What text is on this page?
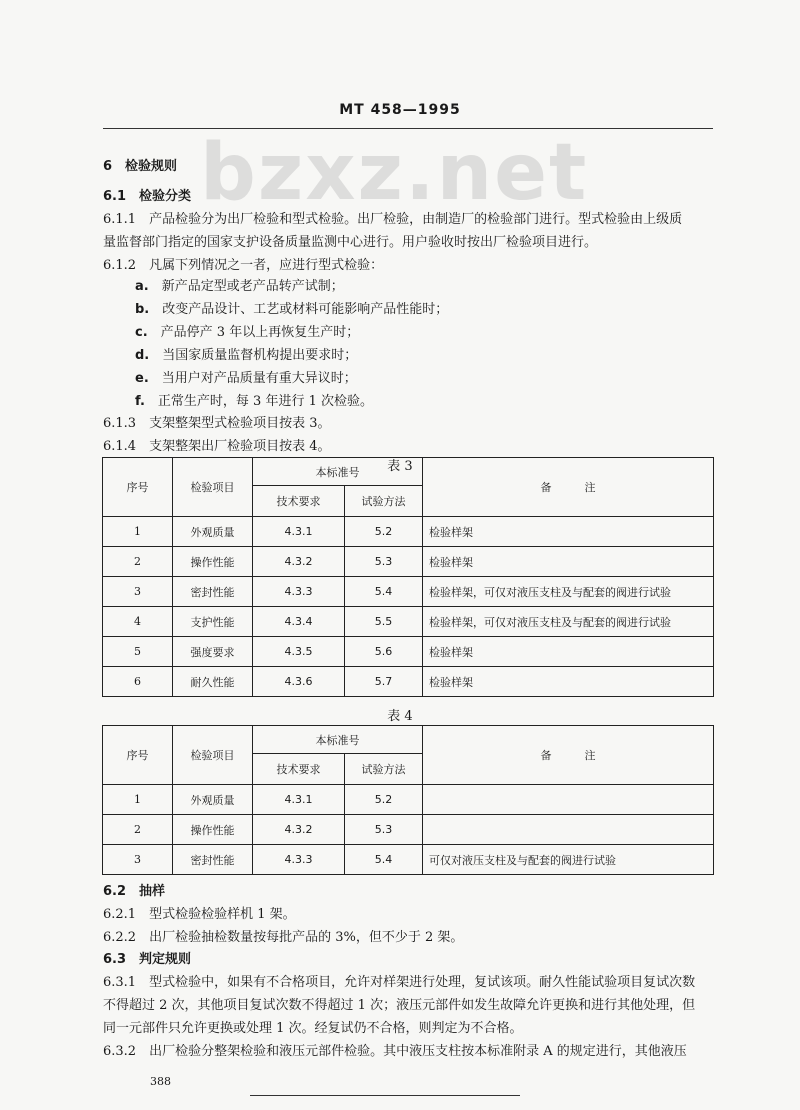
MT 458—1995
bzxz.net
6　检验规则
6.1　检验分类
6.1.1　产品检验分为出厂检验和型式检验。出厂检验，由制造厂的检验部门进行。型式检验由上级质
量监督部门指定的国家支护设备质量监测中心进行。用户验收时按出厂检验项目进行。
6.1.2　凡属下列情况之一者，应进行型式检验：
a.　 新产品定型或老产品转产试制；
b.　 改变产品设计、工艺或材料可能影响产品性能时；
c.　 产品停产 3 年以上再恢复生产时；
d.　 当国家质量监督机构提出要求时；
e.　 当用户对产品质量有重大异议时；
f.　 正常生产时，每 3 年进行 1 次检验。
6.1.3　支架整架型式检验项目按表 3。
6.1.4　支架整架出厂检验项目按表 4。
表 3
序号	检验项目	本标准号		备　　　注
		技术要求	试验方法	
1	外观质量	4.3.1	5.2	检验样架
2	操作性能	4.3.2	5.3	检验样架
3	密封性能	4.3.3	5.4	检验样架，可仅对液压支柱及与配套的阀进行试验
4	支护性能	4.3.4	5.5	检验样架，可仅对液压支柱及与配套的阀进行试验
5	强度要求	4.3.5	5.6	检验样架
6	耐久性能	4.3.6	5.7	检验样架
表 4
序号	检验项目	本标准号		备　　　注
		技术要求	试验方法	
1	外观质量	4.3.1	5.2	
2	操作性能	4.3.2	5.3	
3	密封性能	4.3.3	5.4	可仅对液压支柱及与配套的阀进行试验
6.2　抽样
6.2.1　型式检验检验样机 1 架。
6.2.2　出厂检验抽检数量按每批产品的 3%，但不少于 2 架。
6.3　判定规则
6.3.1　型式检验中，如果有不合格项目，允许对样架进行处理，复试该项。耐久性能试验项目复试次数
不得超过 2 次，其他项目复试次数不得超过 1 次；液压元部件如发生故障允许更换和进行其他处理，但
同一元部件只允许更换或处理 1 次。经复试仍不合格，则判定为不合格。
6.3.2　出厂检验分整架检验和液压元部件检验。其中液压支柱按本标准附录 A 的规定进行，其他液压
388
